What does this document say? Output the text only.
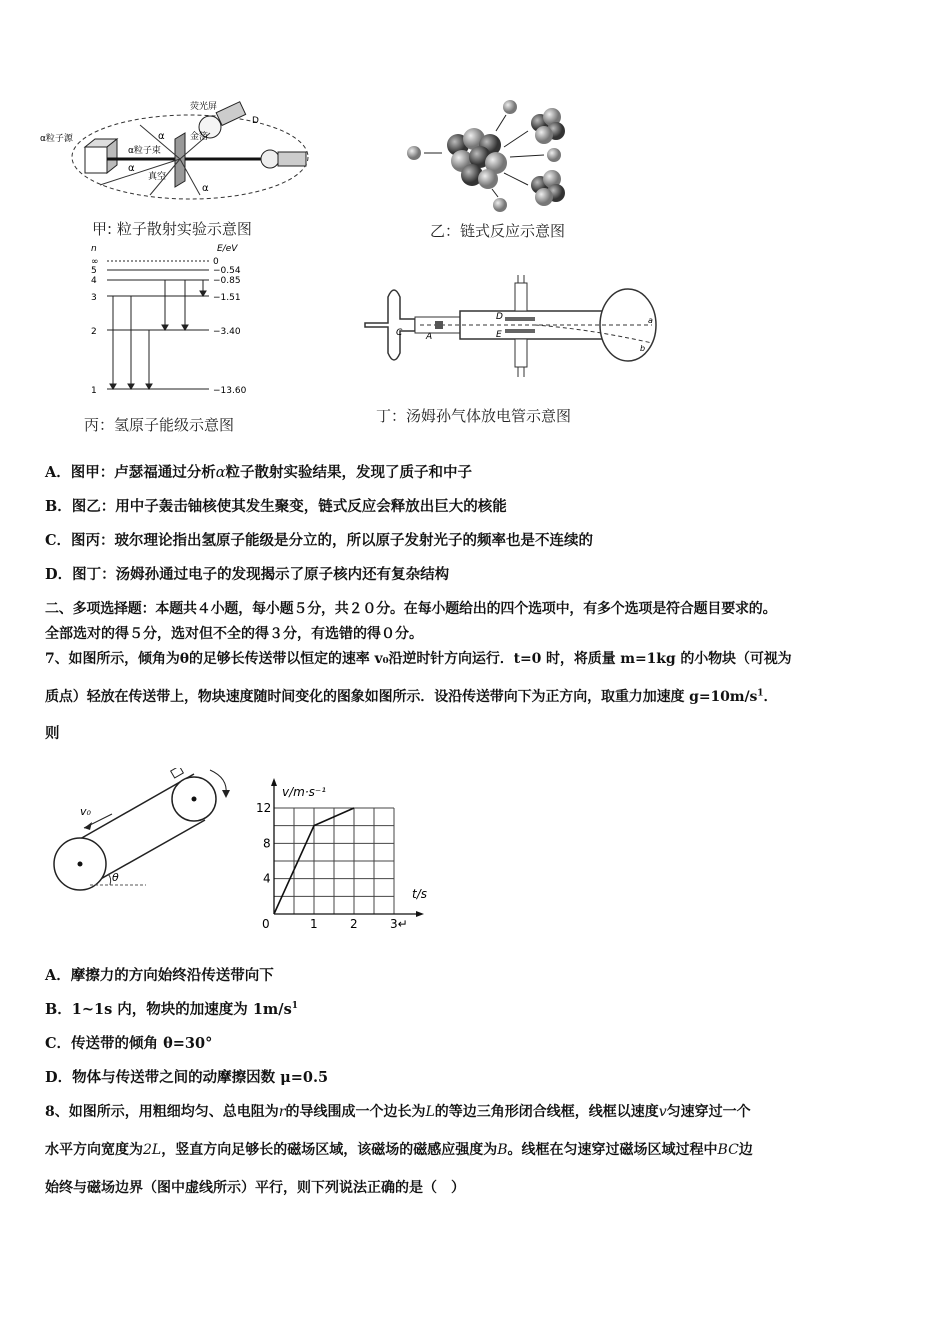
α粒子源
荧光屏
D
金箔
α粒子束
真空
α
α
α
甲: 粒子散射实验示意图	乙：链式反应示意图
n	E/eV
∞
5
4
3
2
1
0
−0.54
−0.85
−1.51
−3.40
−13.60
丙：氢原子能级示意图
C	A
D
E
a
b
丁：汤姆孙气体放电管示意图
A．图甲：卢瑟福通过分析α粒子散射实验结果，发现了质子和中子
B．图乙：用中子轰击铀核使其发生聚变，链式反应会释放出巨大的核能
C．图丙：玻尔理论指出氢原子能级是分立的，所以原子发射光子的频率也是不连续的
D．图丁：汤姆孙通过电子的发现揭示了原子核内还有复杂结构
二、多项选择题：本题共４小题，每小题５分，共２０分。在每小题给出的四个选项中，有多个选项是符合题目要求的。
全部选对的得５分，选对但不全的得３分，有选错的得０分。
7、如图所示，倾角为θ的足够长传送带以恒定的速率 v₀沿逆时针方向运行．t=0 时，将质量 m=1kg 的小物块（可视为
质点）轻放在传送带上，物块速度随时间变化的图象如图所示．设沿传送带向下为正方向，取重力加速度 $g=10m/s^1$．
则
v₀
θ
1	2	3↵
4
8
12
v/m·s⁻¹
t/s
0
A．摩擦力的方向始终沿传送带向下
B．1~1s 内，物块的加速度为 $1m/s^1$
C．传送带的倾角 θ=30°
D．物体与传送带之间的动摩擦因数 μ=0.5
8、如图所示，用粗细均匀、总电阻为r的导线围成一个边长为L的等边三角形闭合线框，线框以速度v匀速穿过一个
水平方向宽度为2L，竖直方向足够长的磁场区域，该磁场的磁感应强度为B。线框在匀速穿过磁场区域过程中BC边
始终与磁场边界（图中虚线所示）平行，则下列说法正确的是（　）
